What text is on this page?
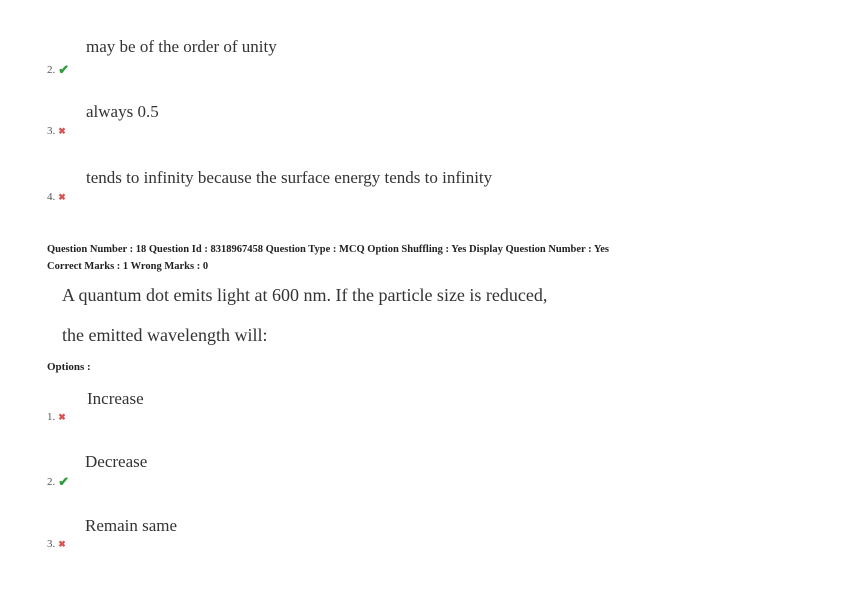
may be of the order of unity
2. ✔
always 0.5
3. ✖
tends to infinity because the surface energy tends to infinity
4. ✖
Question Number : 18 Question Id : 8318967458 Question Type : MCQ Option Shuffling : Yes Display Question Number : Yes
Correct Marks : 1 Wrong Marks : 0
A quantum dot emits light at 600 nm. If the particle size is reduced,
the emitted wavelength will:
Options :
Increase
1. ✖
Decrease
2. ✔
Remain same
3. ✖
